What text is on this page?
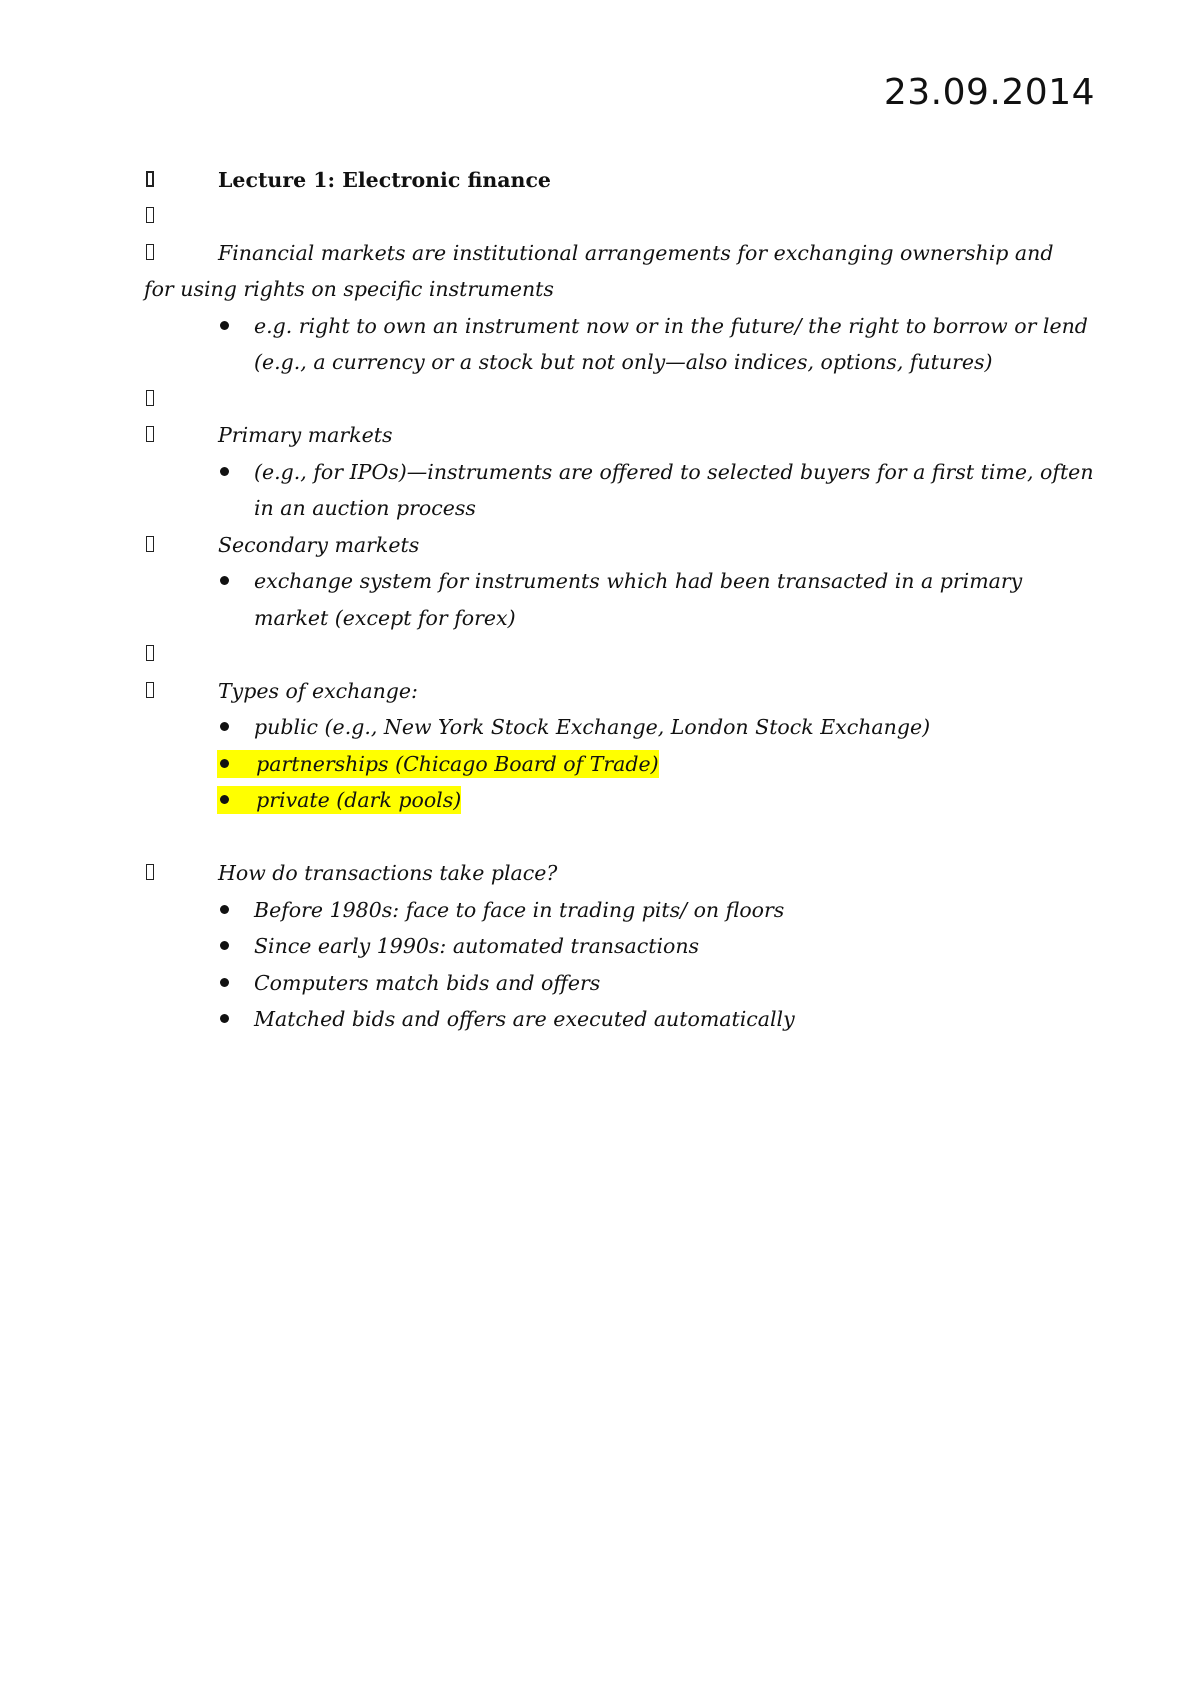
23.09.2014
Lecture 1: Electronic finance
Financial markets are institutional arrangements for exchanging ownership and
for using rights on specific instruments
e.g. right to own an instrument now or in the future/ the right to borrow or lend
(e.g., a currency or a stock but not only—also indices, options, futures)
Primary markets
(e.g., for IPOs)—instruments are offered to selected buyers for a first time, often
in an auction process
Secondary markets
exchange system for instruments which had been transacted in a primary
market (except for forex)
Types of exchange:
public (e.g., New York Stock Exchange, London Stock Exchange)
partnerships (Chicago Board of Trade)
private (dark pools)
How do transactions take place?
Before 1980s: face to face in trading pits/ on floors
Since early 1990s: automated transactions
Computers match bids and offers
Matched bids and offers are executed automatically
